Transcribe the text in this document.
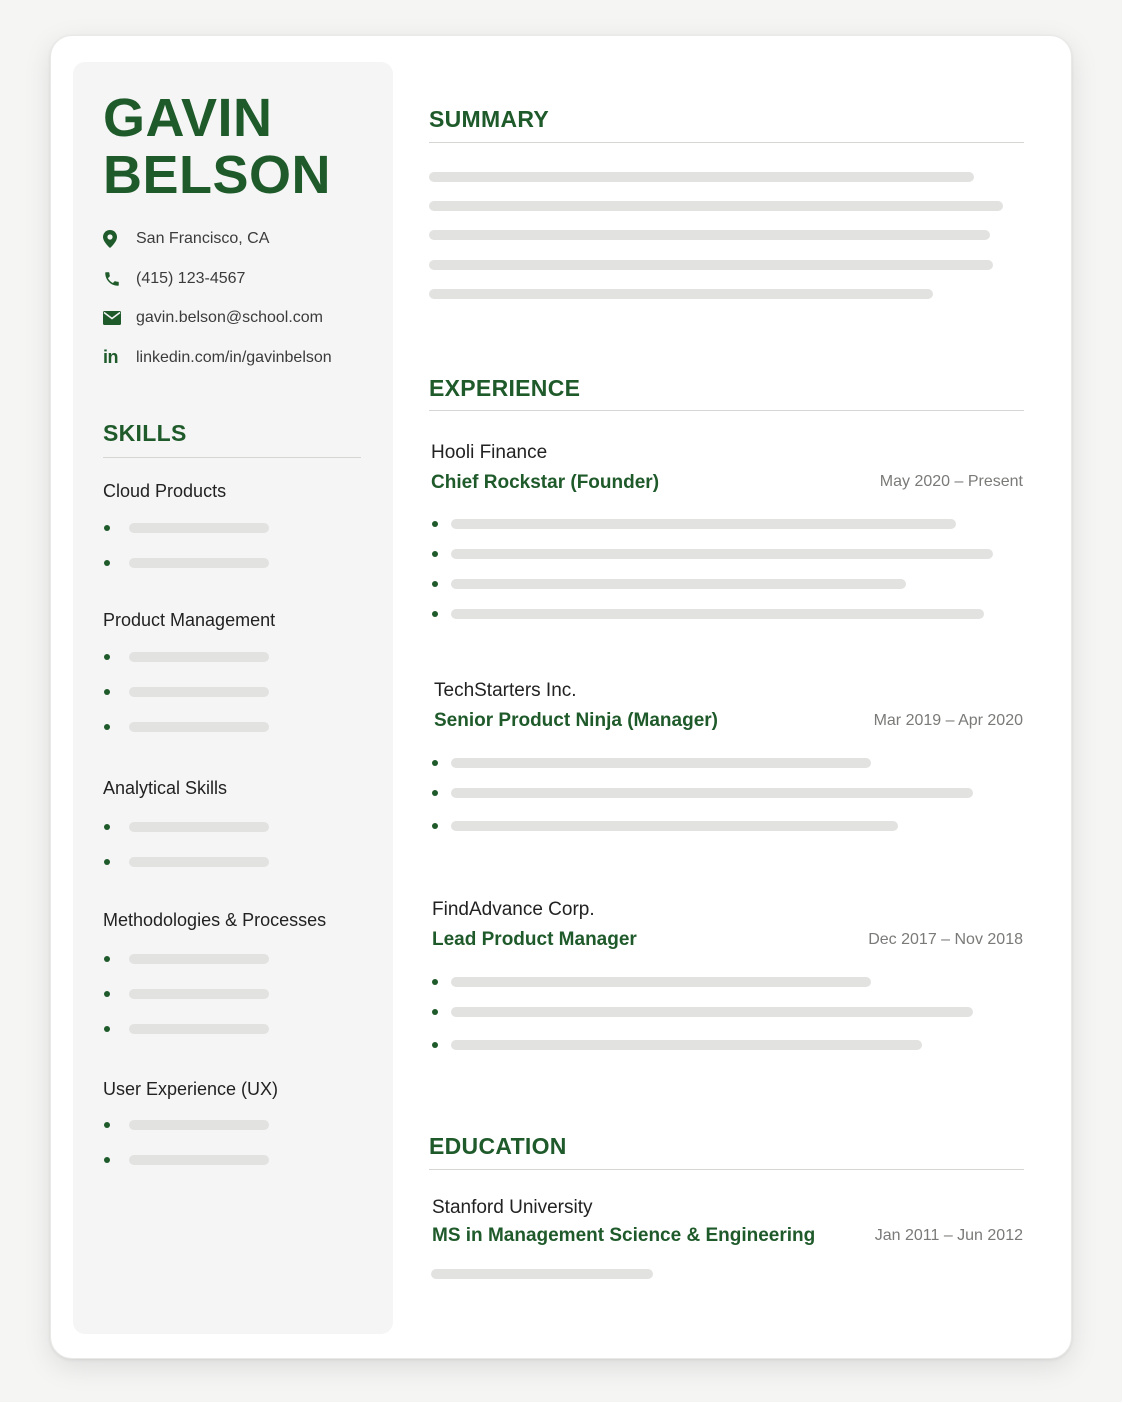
GAVIN
BELSON
San Francisco, CA
(415) 123-4567
gavin.belson@school.com
in linkedin.com/in/gavinbelson
SKILLS

Cloud Products

Product Management

Analytical Skills

Methodologies & Processes

User Experience (UX)

SUMMARY
EXPERIENCE

Hooli Finance

Chief Rockstar (Founder)	May 2020 – Present

TechStarters Inc.

Senior Product Ninja (Manager)	Mar 2019 – Apr 2020

FindAdvance Corp.

Lead Product Manager	Dec 2017 – Nov 2018

EDUCATION

Stanford University

MS in Management Science & Engineering	Jan 2011 – Jun 2012
